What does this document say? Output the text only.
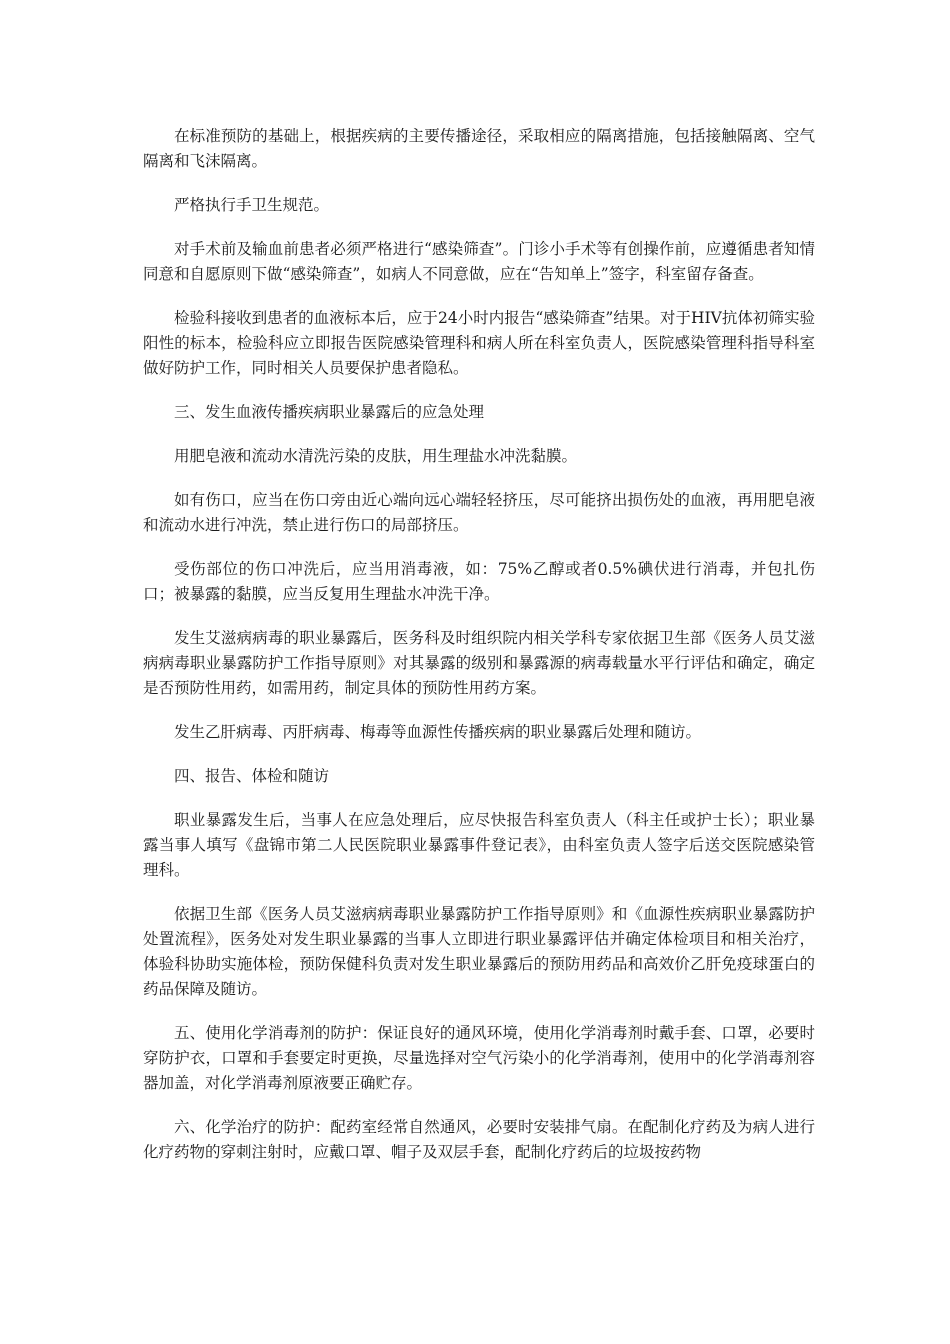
在标准预防的基础上，根据疾病的主要传播途径，采取相应的隔离措施，包括接触隔离、空气隔离和飞沫隔离。

严格执行手卫生规范。

对手术前及输血前患者必须严格进行“感染筛查”。门诊小手术等有创操作前，应遵循患者知情同意和自愿原则下做“感染筛查”，如病人不同意做，应在“告知单上”签字，科室留存备查。

检验科接收到患者的血液标本后，应于24小时内报告“感染筛查”结果。对于HIV抗体初筛实验阳性的标本，检验科应立即报告医院感染管理科和病人所在科室负责人，医院感染管理科指导科室做好防护工作，同时相关人员要保护患者隐私。

三、发生血液传播疾病职业暴露后的应急处理

用肥皂液和流动水清洗污染的皮肤，用生理盐水冲洗黏膜。

如有伤口，应当在伤口旁由近心端向远心端轻轻挤压，尽可能挤出损伤处的血液，再用肥皂液和流动水进行冲洗，禁止进行伤口的局部挤压。

受伤部位的伤口冲洗后，应当用消毒液，如：75%乙醇或者0.5%碘伏进行消毒，并包扎伤口；被暴露的黏膜，应当反复用生理盐水冲洗干净。

发生艾滋病病毒的职业暴露后，医务科及时组织院内相关学科专家依据卫生部《医务人员艾滋病病毒职业暴露防护工作指导原则》对其暴露的级别和暴露源的病毒载量水平行评估和确定，确定是否预防性用药，如需用药，制定具体的预防性用药方案。

发生乙肝病毒、丙肝病毒、梅毒等血源性传播疾病的职业暴露后处理和随访。

四、报告、体检和随访

职业暴露发生后，当事人在应急处理后，应尽快报告科室负责人（科主任或护士长）；职业暴露当事人填写《盘锦市第二人民医院职业暴露事件登记表》，由科室负责人签字后送交医院感染管理科。

依据卫生部《医务人员艾滋病病毒职业暴露防护工作指导原则》和《血源性疾病职业暴露防护处置流程》，医务处对发生职业暴露的当事人立即进行职业暴露评估并确定体检项目和相关治疗，体验科协助实施体检，预防保健科负责对发生职业暴露后的预防用药品和高效价乙肝免疫球蛋白的药品保障及随访。

五、使用化学消毒剂的防护：保证良好的通风环境，使用化学消毒剂时戴手套、口罩，必要时穿防护衣，口罩和手套要定时更换，尽量选择对空气污染小的化学消毒剂，使用中的化学消毒剂容器加盖，对化学消毒剂原液要正确贮存。

六、化学治疗的防护：配药室经常自然通风，必要时安装排气扇。在配制化疗药及为病人进行化疗药物的穿刺注射时，应戴口罩、帽子及双层手套，配制化疗药后的垃圾按药物
